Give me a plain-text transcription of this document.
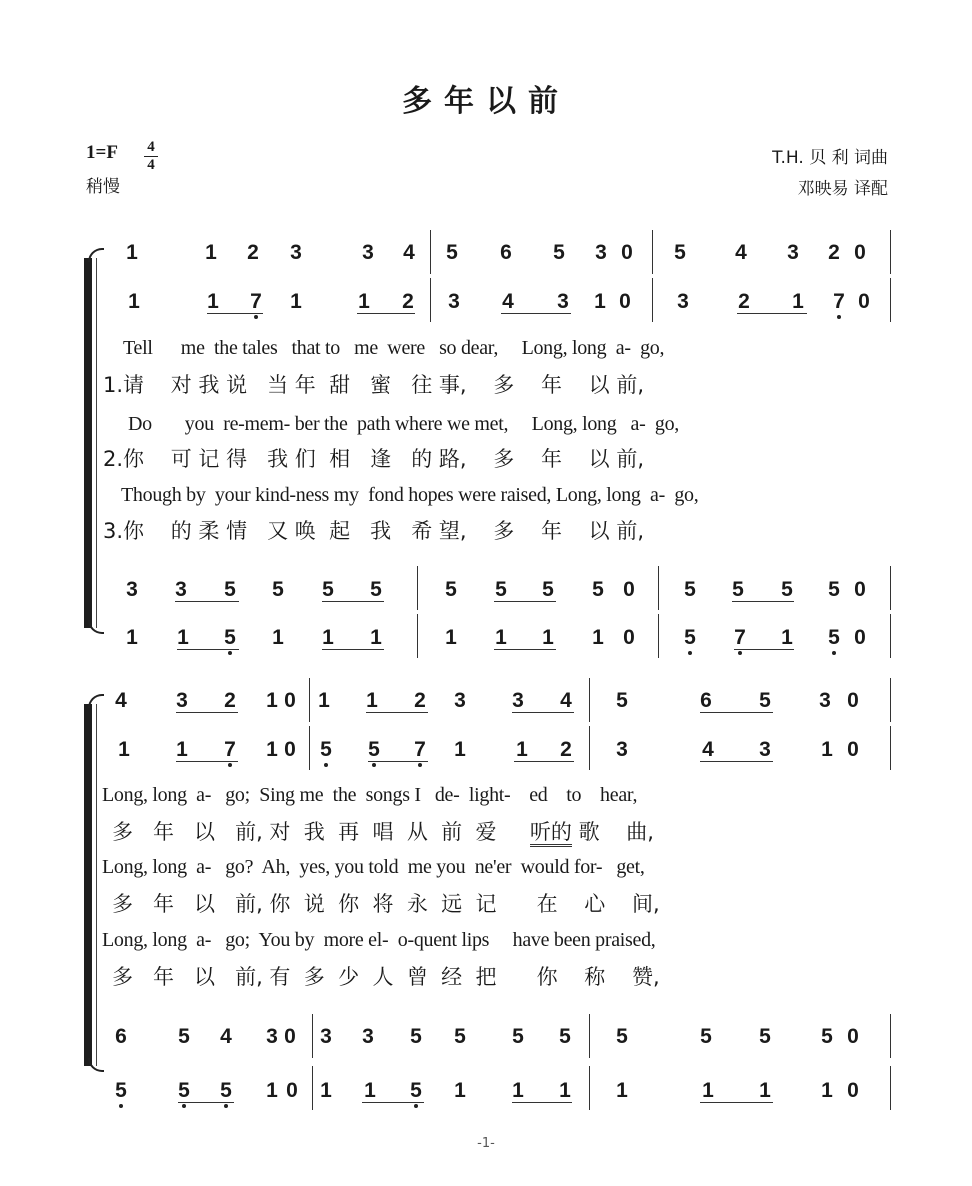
多年以前
1=F 4
4
稍慢
T.H. 贝 利 词曲
邓映易 译配
1	1 2 3	3 4 5 6 5 3 0 5 4 3 2 0
1	1 7 1	1 2 3 4 3 1 0 3 2 1 7 0
Tell      me  the tales   that to   me  were   so dear,     Long, long  a-  go,
1.请    对 我 说   当 年  甜   蜜   往 事,    多    年    以 前,
Do       you  re-mem- ber the  path where we met,     Long, long   a-  go,
2.你    可 记 得   我 们  相   逢   的 路,    多    年    以 前,
Though by  your kind-ness my  fond hopes were raised, Long, long  a-  go,
3.你    的 柔 情   又 唤  起   我   希 望,    多    年    以 前,
3 3 5 5 5 5	5 5 5 5 0 5 5 5 5 0
1 1 5 1 1 1	1 1 1 1 0 5 7 1 5 0
4 3 2 1 0 1 1 2 3 3 4 5	6 5 3 0
1 1 7 1 0 5 5 7 1 1 2 3	4 3 1 0
Long, long  a-   go;  Sing me  the  songs I   de-  light-    ed    to    hear,
多   年   以   前, 对  我  再  唱  从  前  爱     听的 歌    曲,
Long, long  a-   go?  Ah,  yes, you told  me you  ne'er  would for-   get,
多   年   以   前, 你  说  你  将  永  远  记      在    心    间,
Long, long  a-   go;  You by  more el-  o-quent lips     have been praised,
多   年   以   前, 有  多  少  人  曾  经  把      你    称    赞,
6 5 4 3 0 3 3 5 5 5 5 5	5 5 5 0
5 5 5 1 0 1 1 5 1 1 1 1	1 1 1 0
-1-
